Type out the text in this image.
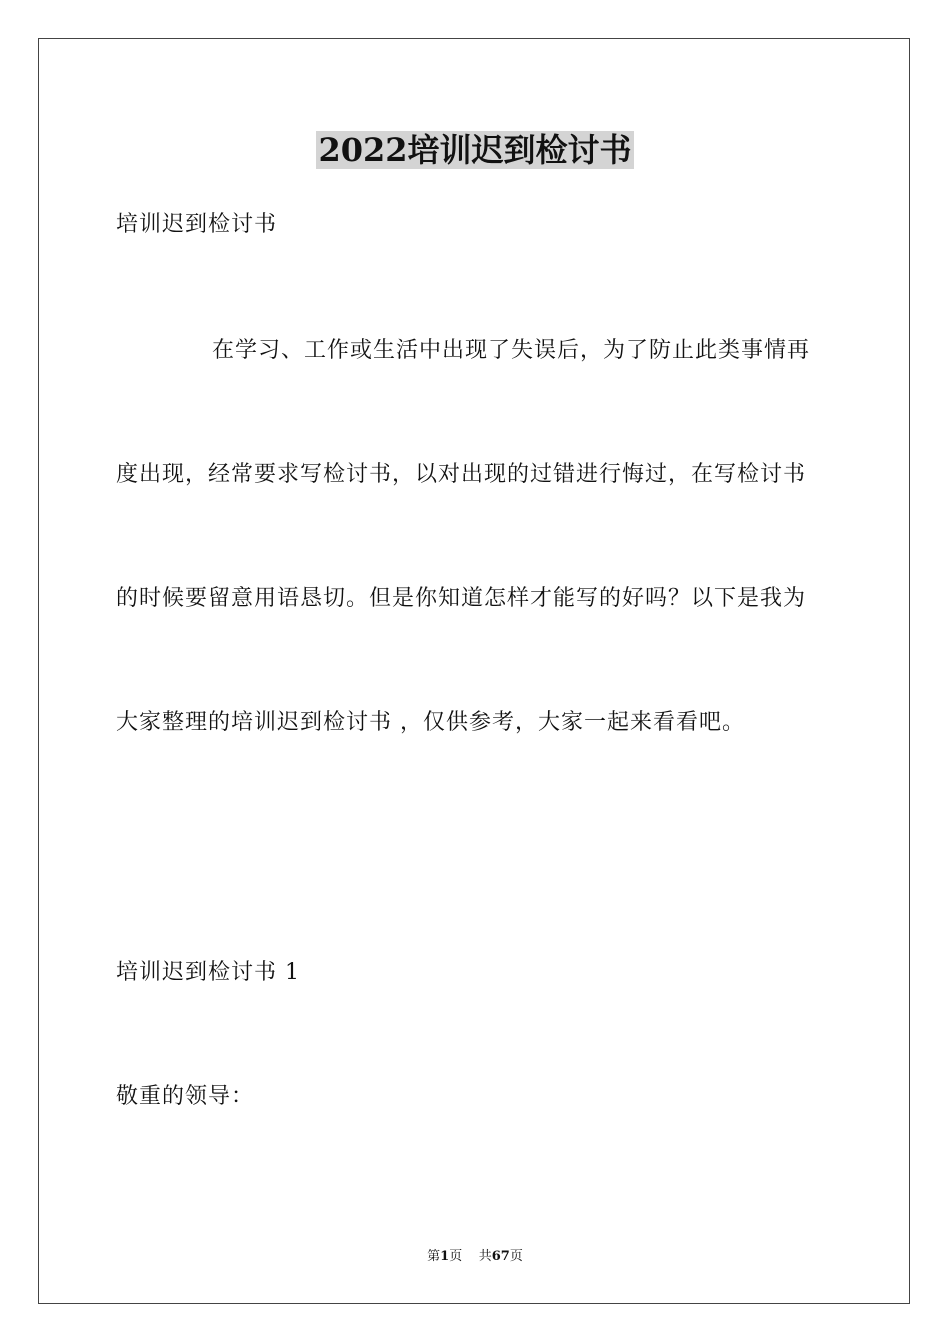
2022培训迟到检讨书
培训迟到检讨书
在学习、工作或生活中出现了失误后，为了防止此类事情再
度出现，经常要求写检讨书，以对出现的过错进行悔过，在写检讨书
的时候要留意用语恳切。但是你知道怎样才能写的好吗？以下是我为
大家整理的培训迟到检讨书 ，仅供参考，大家一起来看看吧。
培训迟到检讨书 1
敬重的领导：
第1页 共67页
